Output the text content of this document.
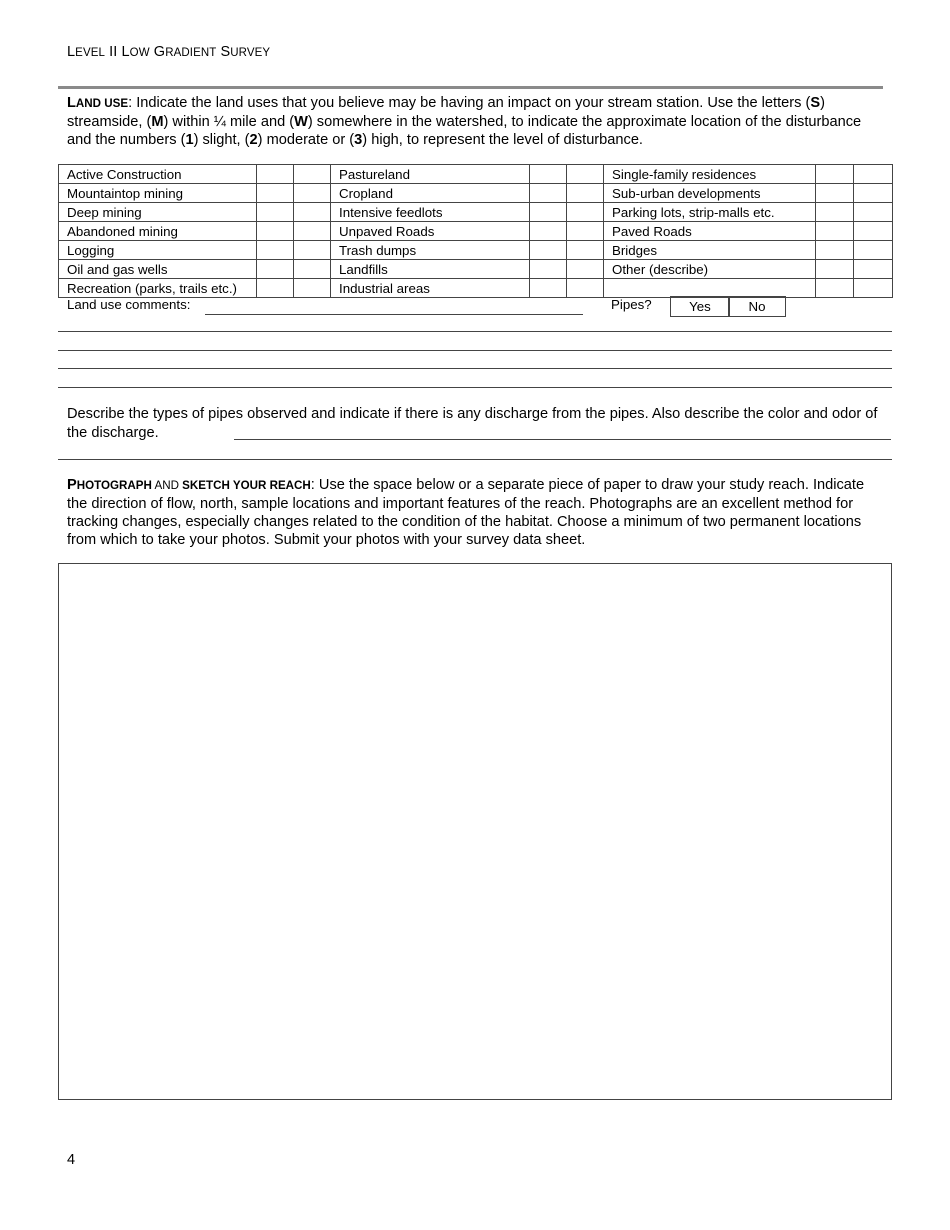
LEVEL II LOW GRADIENT SURVEY
LAND USE: Indicate the land uses that you believe may be having an impact on your stream station. Use the letters (S) streamside, (M) within ¼ mile and (W) somewhere in the watershed, to indicate the approximate location of the disturbance and the numbers (1) slight, (2) moderate or (3) high, to represent the level of disturbance.
Active Construction			Pastureland			Single-family residences		
Mountaintop mining			Cropland			Sub-urban developments		
Deep mining			Intensive feedlots			Parking lots, strip-malls etc.		
Abandoned mining			Unpaved Roads			Paved Roads		
Logging			Trash dumps			Bridges		
Oil and gas wells			Landfills			Other (describe)		
Recreation (parks, trails etc.)			Industrial areas					
Land use comments:	Pipes?	Yes	No
Describe the types of pipes observed and indicate if there is any discharge from the pipes. Also describe the color and odor of the discharge.
PHOTOGRAPH AND SKETCH YOUR REACH: Use the space below or a separate piece of paper to draw your study reach. Indicate the direction of flow, north, sample locations and important features of the reach. Photographs are an excellent method for tracking changes, especially changes related to the condition of the habitat. Choose a minimum of two permanent locations from which to take your photos. Submit your photos with your survey data sheet.
4
